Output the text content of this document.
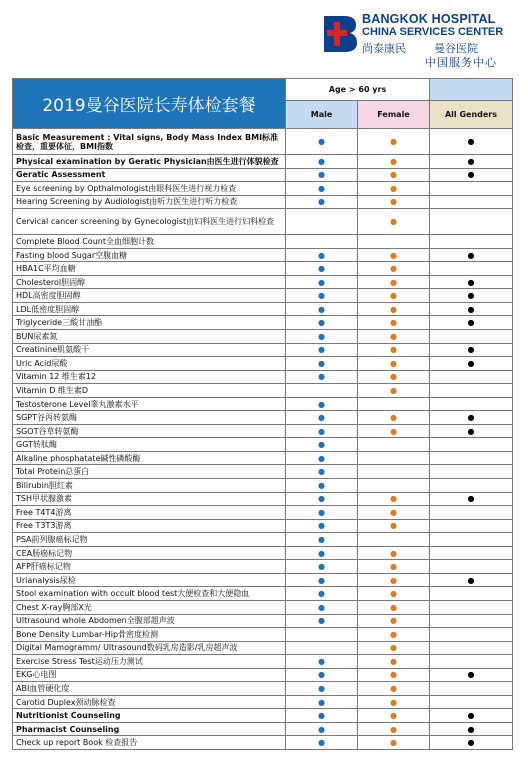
BANGKOK HOSPITAL
CHINA SERVICES CENTER
尚泰康民	曼谷医院
中国服务中心
2019曼谷医院长寿体检套餐	Age > 60 yrs		
	Male	Female	All Genders
Basic Measurement : Vital signs, Body Mass Index BMI标准检查，重要体征，BMI指数	●	●	●
Physical examination by Geratic Physician由医生进行体貌检查	●	●	●
Geratic Assessment	●	●	●
Eye screening by Opthalmologist由眼科医生进行视力检查	●	●	
Hearing Screening by Audiologist由听力医生进行听力检查	●	●	
Cervical cancer screening by Gynecologist由妇科医生进行妇科检查		●	
Complete Blood Count全血细胞计数			
Fasting blood Sugar空腹血糖	●	●	●
HBA1C平均血糖	●	●	
Cholesterol胆固醇	●	●	●
HDL高密度胆固醇	●	●	●
LDL低密度胆固醇	●	●	●
Triglyceride三酸甘油酯	●	●	●
BUN尿素氮	●	●	
Creatinine肌氨酸干	●	●	●
Uric Acid尿酸	●	●	●
Vitamin 12 维生素12	●	●	
Vitamin D 维生素D		●	
Testosterone Level睾丸激素水平	●		
SGPT谷丙转氨酶	●	●	●
SGOT谷草转氨酶	●	●	●
GGT转肽酶	●		
Alkaline phosphatate碱性磷酸酶	●		
Total Protein总蛋白	●		
Bilirubin胆红素	●		
TSH甲状腺激素	●	●	●
Free T4T4游离	●	●	
Free T3T3游离	●	●	
PSA前列腺癌标记物	●		
CEA肠癌标记物	●	●	
AFP肝癌标记物	●	●	
Urianalysis尿检	●	●	●
Stool examination with occult blood test大便检查和大便隐血	●	●	
Chest X-ray胸部X光	●	●	
Ultrasound whole Abdomen全腹部超声波	●	●	
Bone Density Lumbar-Hip骨密度检测		●	
Digital Mamogramm/ Ultrasound数码乳房造影/乳房超声波		●	
Exercise Stress Test运动压力测试	●	●	
EKG心电图	●	●	●
ABI血管硬化度	●	●	
Carotid Duplex颈动脉检查	●	●	
Nutritionist Counseling	●	●	●
Pharmacist Counseling	●	●	●
Check up report Book 检查报告	●	●	●
